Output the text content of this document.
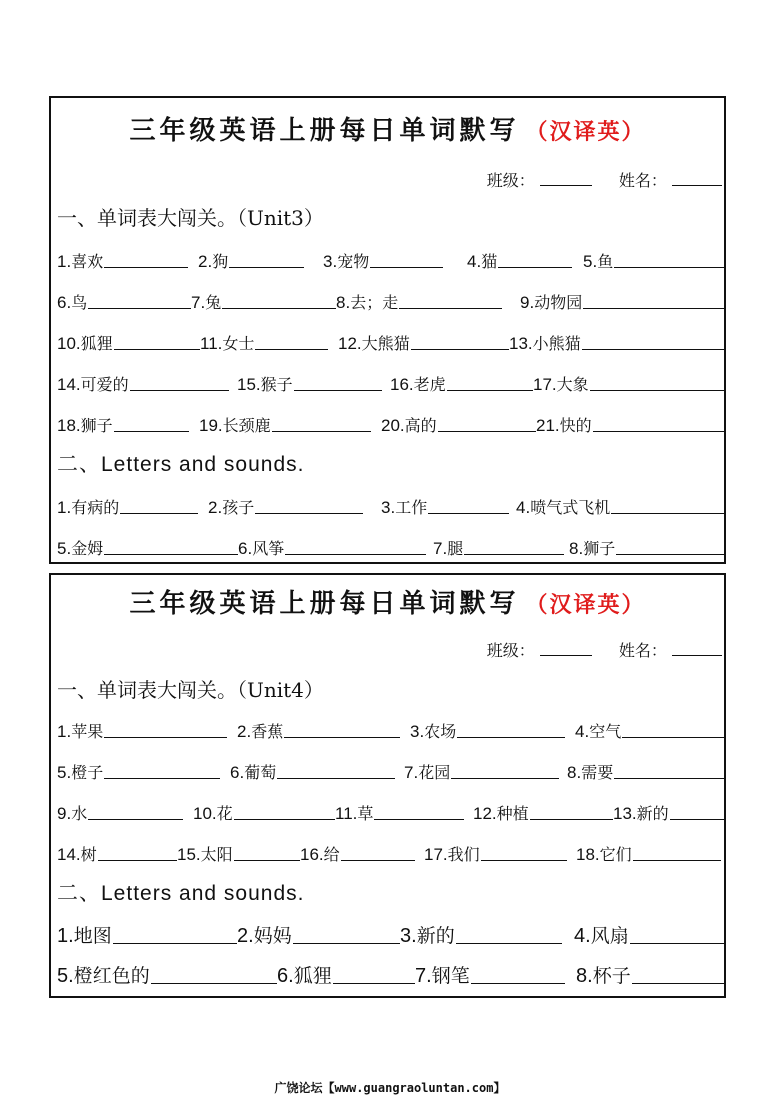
三年级英语上册每日单词默写 （汉译英）
班级：	姓名：
一、单词表大闯关。（Unit3）
1.喜欢	2.狗	3.宠物	4.猫	5.鱼
6.鸟	7.兔	8.去；走	9.动物园
10.狐狸	11.女士	12.大熊猫	13.小熊猫
14.可爱的	15.猴子	16.老虎	17.大象
18.狮子	19.长颈鹿	20.高的	21.快的
二、Letters and sounds.
1.有病的	2.孩子	3.工作	4.喷气式飞机
5.金姆	6.风筝	7.腿	8.狮子
三年级英语上册每日单词默写 （汉译英）
班级：	姓名：
一、单词表大闯关。（Unit4）
1.苹果	2.香蕉	3.农场	4.空气
5.橙子	6.葡萄	7.花园	8.需要
9.水	10.花	11.草	12.种植	13.新的
14.树	15.太阳	16.给	17.我们	18.它们
二、Letters and sounds.
1.地图	2.妈妈	3.新的	4.风扇
5.橙红色的	6.狐狸	7.钢笔	8.杯子
广饶论坛【www.guangraoluntan.com】
